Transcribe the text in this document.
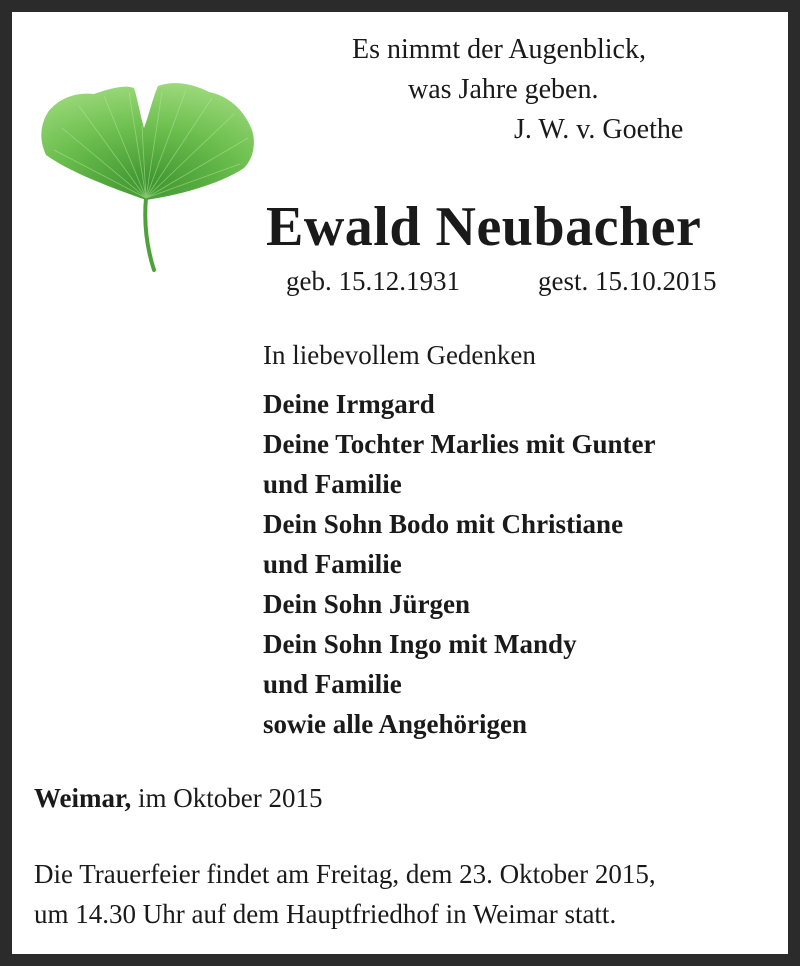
Es nimmt der Augenblick,
was Jahre geben.
J. W. v. Goethe
Ewald Neubacher
geb. 15.12.1931	gest. 15.10.2015
In liebevollem Gedenken
Deine Irmgard
Deine Tochter Marlies mit Gunter
und Familie
Dein Sohn Bodo mit Christiane
und Familie
Dein Sohn Jürgen
Dein Sohn Ingo mit Mandy
und Familie
sowie alle Angehörigen
Weimar, im Oktober 2015
Die Trauerfeier findet am Freitag, dem 23. Oktober 2015,
um 14.30 Uhr auf dem Hauptfriedhof in Weimar statt.
